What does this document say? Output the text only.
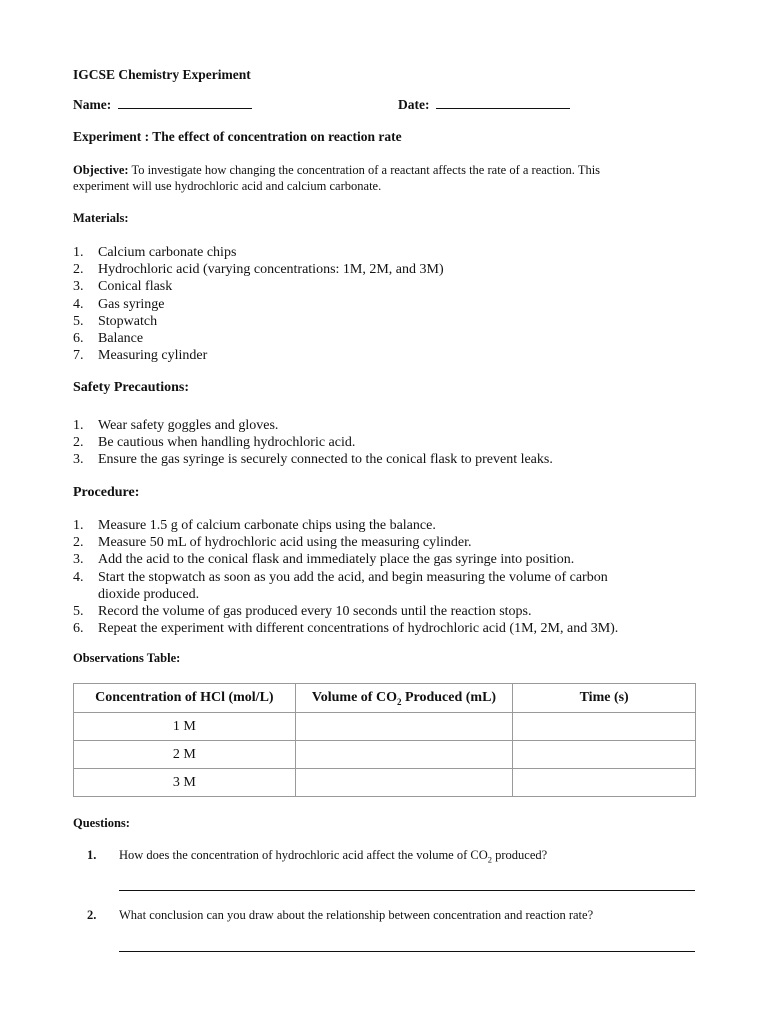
IGCSE Chemistry Experiment
Name:	Date:
Experiment : The effect of concentration on reaction rate
Objective: To investigate how changing the concentration of a reactant affects the rate of a reaction. This
experiment will use hydrochloric acid and calcium carbonate.
Materials:
1. Calcium carbonate chips
2. Hydrochloric acid (varying concentrations: 1M, 2M, and 3M)
3. Conical flask
4. Gas syringe
5. Stopwatch
6. Balance
7. Measuring cylinder
Safety Precautions:
1. Wear safety goggles and gloves.
2. Be cautious when handling hydrochloric acid.
3. Ensure the gas syringe is securely connected to the conical flask to prevent leaks.
Procedure:
1. Measure 1.5 g of calcium carbonate chips using the balance.
2. Measure 50 mL of hydrochloric acid using the measuring cylinder.
3. Add the acid to the conical flask and immediately place the gas syringe into position.
4. Start the stopwatch as soon as you add the acid, and begin measuring the volume of carbon
dioxide produced.
5. Record the volume of gas produced every 10 seconds until the reaction stops.
6. Repeat the experiment with different concentrations of hydrochloric acid (1M, 2M, and 3M).
Observations Table:
Concentration of HCl (mol/L)	Volume of $CO_2$ Produced (mL)	Time (s)
1 M		
2 M		
3 M		
Questions:
1. How does the concentration of hydrochloric acid affect the volume of $CO_2$ produced?
2. What conclusion can you draw about the relationship between concentration and reaction rate?
